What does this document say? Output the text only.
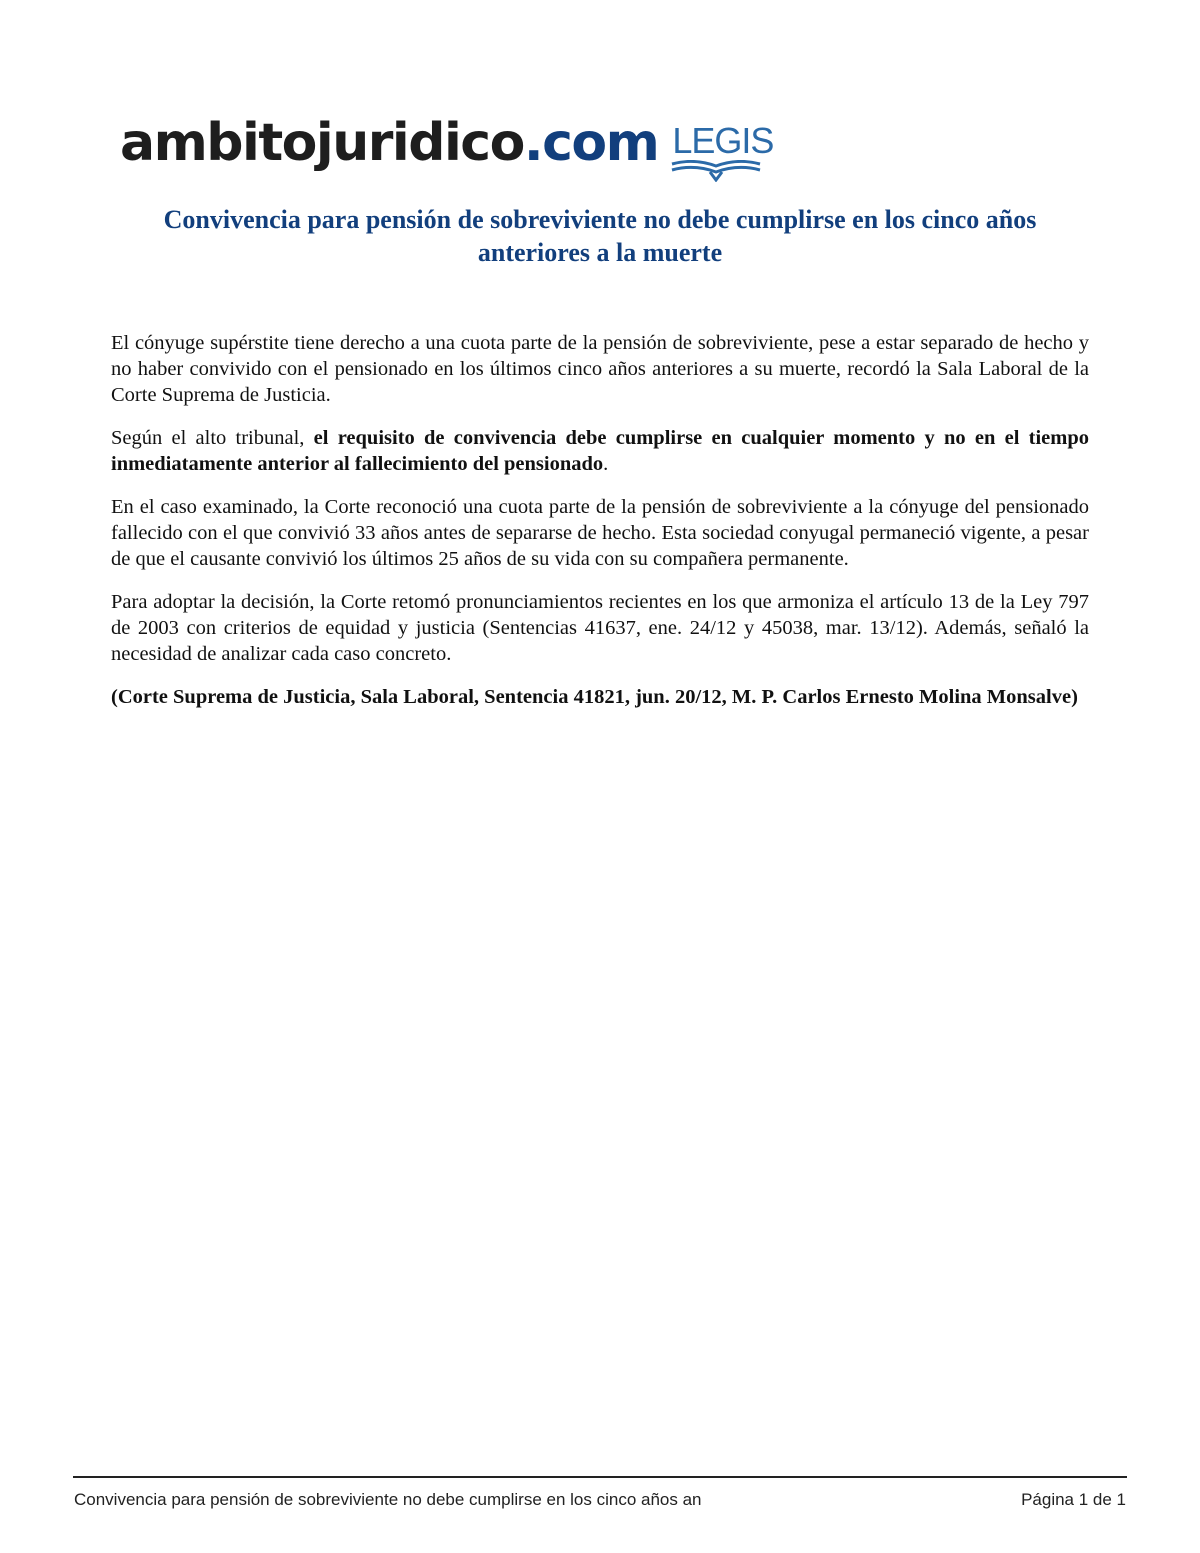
ambitojuridico.com LEGIS
Convivencia para pensión de sobreviviente no debe cumplirse en los cinco años anteriores a la muerte

El cónyuge supérstite tiene derecho a una cuota parte de la pensión de sobreviviente, pese a estar separado de hecho y no haber convivido con el pensionado en los últimos cinco años anteriores a su muerte, recordó la Sala Laboral de la Corte Suprema de Justicia.

Según el alto tribunal, el requisito de convivencia debe cumplirse en cualquier momento y no en el tiempo inmediatamente anterior al fallecimiento del pensionado.

En el caso examinado, la Corte reconoció una cuota parte de la pensión de sobreviviente a la cónyuge del pensionado fallecido con el que convivió 33 años antes de separarse de hecho. Esta sociedad conyugal permaneció vigente, a pesar de que el causante convivió los últimos 25 años de su vida con su compañera permanente.

Para adoptar la decisión, la Corte retomó pronunciamientos recientes en los que armoniza el artículo 13 de la Ley 797 de 2003 con criterios de equidad y justicia (Sentencias 41637, ene. 24/12 y 45038, mar. 13/12). Además, señaló la necesidad de analizar cada caso concreto.

(Corte Suprema de Justicia, Sala Laboral, Sentencia 41821, jun. 20/12, M. P. Carlos Ernesto Molina Monsalve)

Convivencia para pensión de sobreviviente no debe cumplirse en los cinco años an	Página 1 de 1
